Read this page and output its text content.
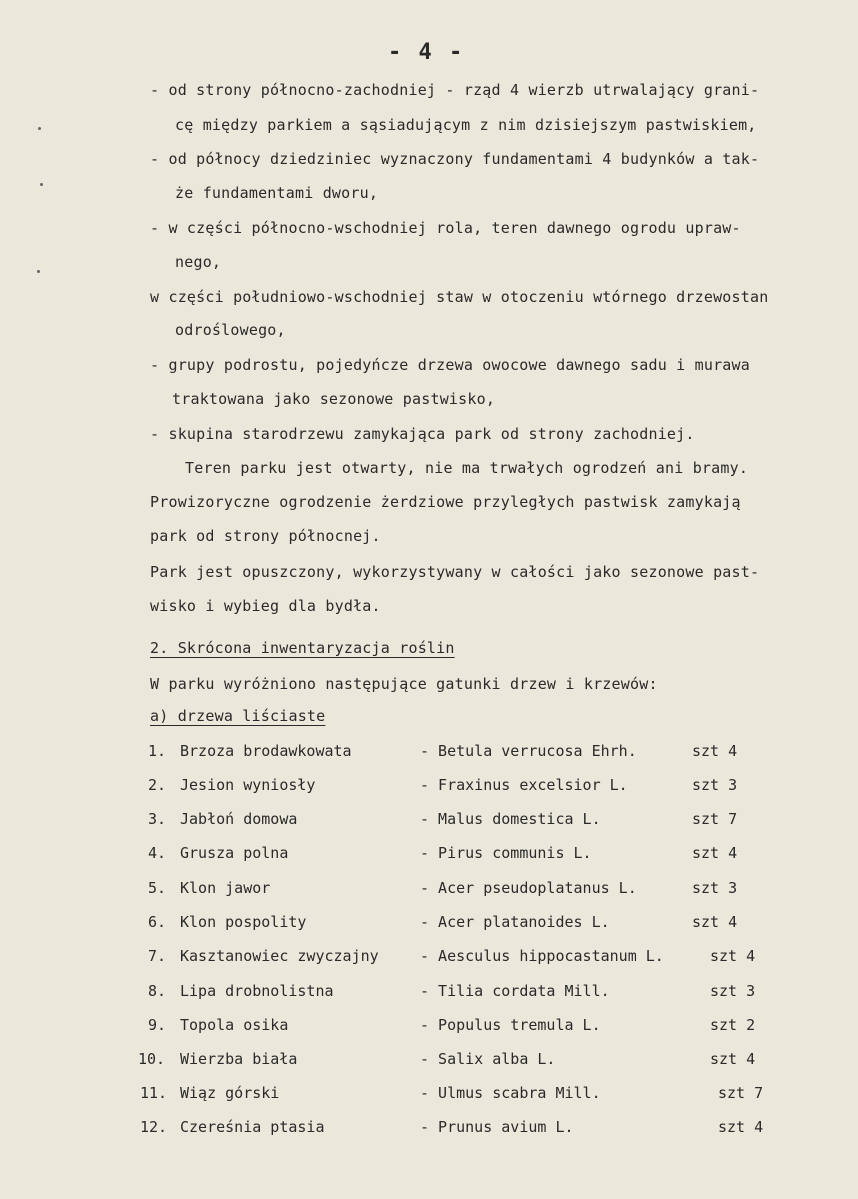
- 4 -
- od strony północno-zachodniej - rząd 4 wierzb utrwalający grani-
cę między parkiem a sąsiadującym z nim dzisiejszym pastwiskiem,
- od północy dziedziniec wyznaczony fundamentami 4 budynków a tak-
że fundamentami dworu,
- w części północno-wschodniej rola, teren dawnego ogrodu upraw-
nego,
w części południowo-wschodniej staw w otoczeniu wtórnego drzewostan
odroślowego,
- grupy podrostu, pojedyńcze drzewa owocowe dawnego sadu i murawa
traktowana jako sezonowe pastwisko,
- skupina starodrzewu zamykająca park od strony zachodniej.
Teren parku jest otwarty, nie ma trwałych ogrodzeń ani bramy.
Prowizoryczne ogrodzenie żerdziowe przyległych pastwisk zamykają
park od strony północnej.
Park jest opuszczony, wykorzystywany w całości jako sezonowe past-
wisko i wybieg dla bydła.
2. Skrócona inwentaryzacja roślin
W parku wyróżniono następujące gatunki drzew i krzewów:
a) drzewa liściaste
1. Brzoza brodawkowata	- Betula verrucosa Ehrh.	szt 4
2. Jesion wyniosły	- Fraxinus excelsior L.	szt 3
3. Jabłoń domowa	- Malus domestica L.	szt 7
4. Grusza polna	- Pirus communis L.	szt 4
5. Klon jawor	- Acer pseudoplatanus L.	szt 3
6. Klon pospolity	- Acer platanoides L.	szt 4
7. Kasztanowiec zwyczajny	- Aesculus hippocastanum L.	szt 4
8. Lipa drobnolistna	- Tilia cordata Mill.	szt 3
9. Topola osika	- Populus tremula L.	szt 2
10. Wierzba biała	- Salix alba L.	szt 4
11. Wiąz górski	- Ulmus scabra Mill.	szt 7
12. Czereśnia ptasia	- Prunus avium L.	szt 4
